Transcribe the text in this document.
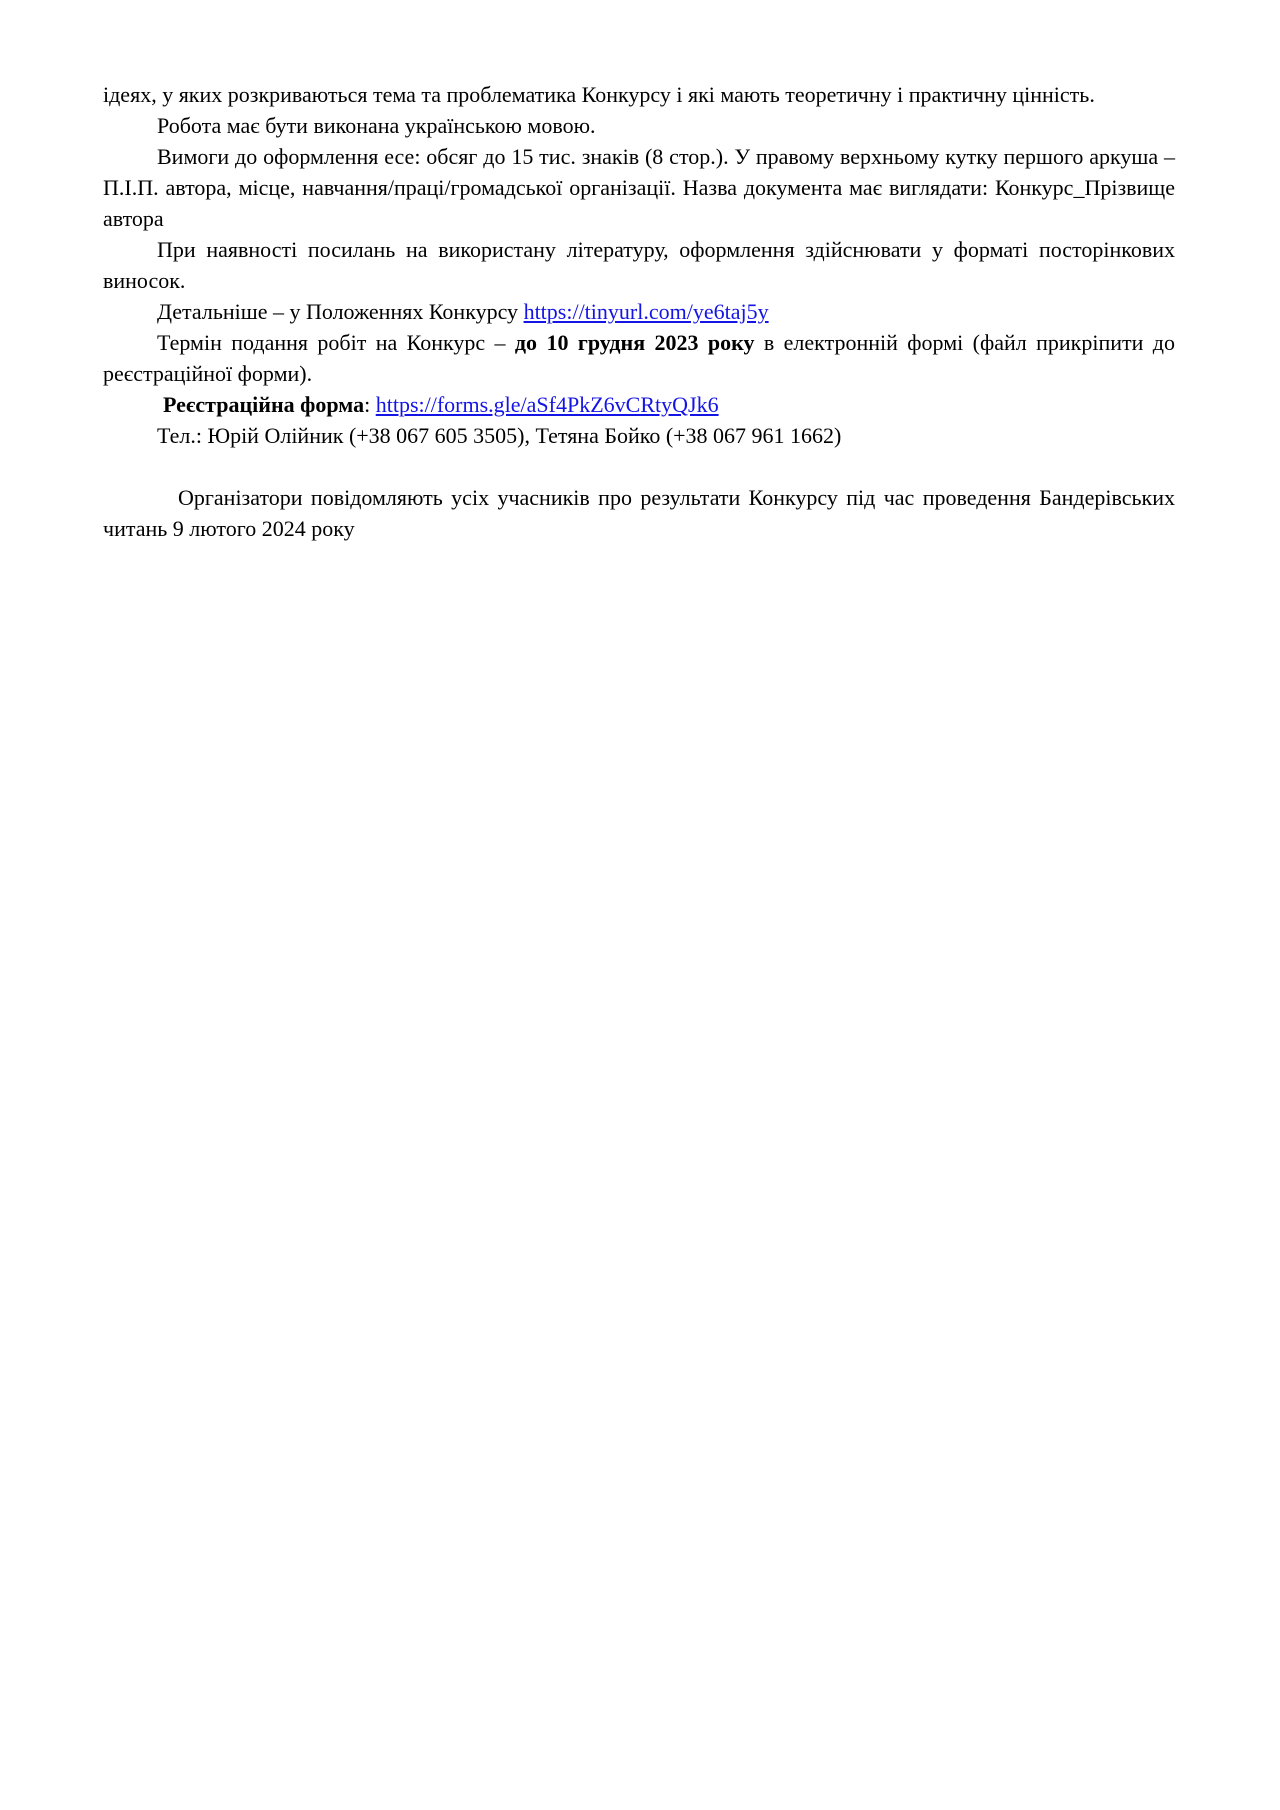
ідеях, у яких розкриваються тема та проблематика Конкурсу і які мають теоретичну і практичну цінність.

Робота має бути виконана українською мовою.

Вимоги до оформлення есе: обсяг до 15 тис. знаків (8 стор.). У правому верхньому кутку першого аркуша – П.І.П. автора, місце, навчання/праці/громадської організації. Назва документа має виглядати: Конкурс_Прізвище автора

При наявності посилань на використану літературу, оформлення здійснювати у форматі посторінкових виносок.

Детальніше – у Положеннях Конкурсу https://tinyurl.com/ye6taj5y

Термін подання робіт на Конкурс – до 10 грудня 2023 року в електронній формі (файл прикріпити до реєстраційної форми).

Реєстраційна форма: https://forms.gle/aSf4PkZ6vCRtyQJk6

Тел.: Юрій Олійник (+38 067 605 3505), Тетяна Бойко (+38 067 961 1662)

Організатори повідомляють усіх учасників про результати Конкурсу під час проведення Бандерівських читань 9 лютого 2024 року
